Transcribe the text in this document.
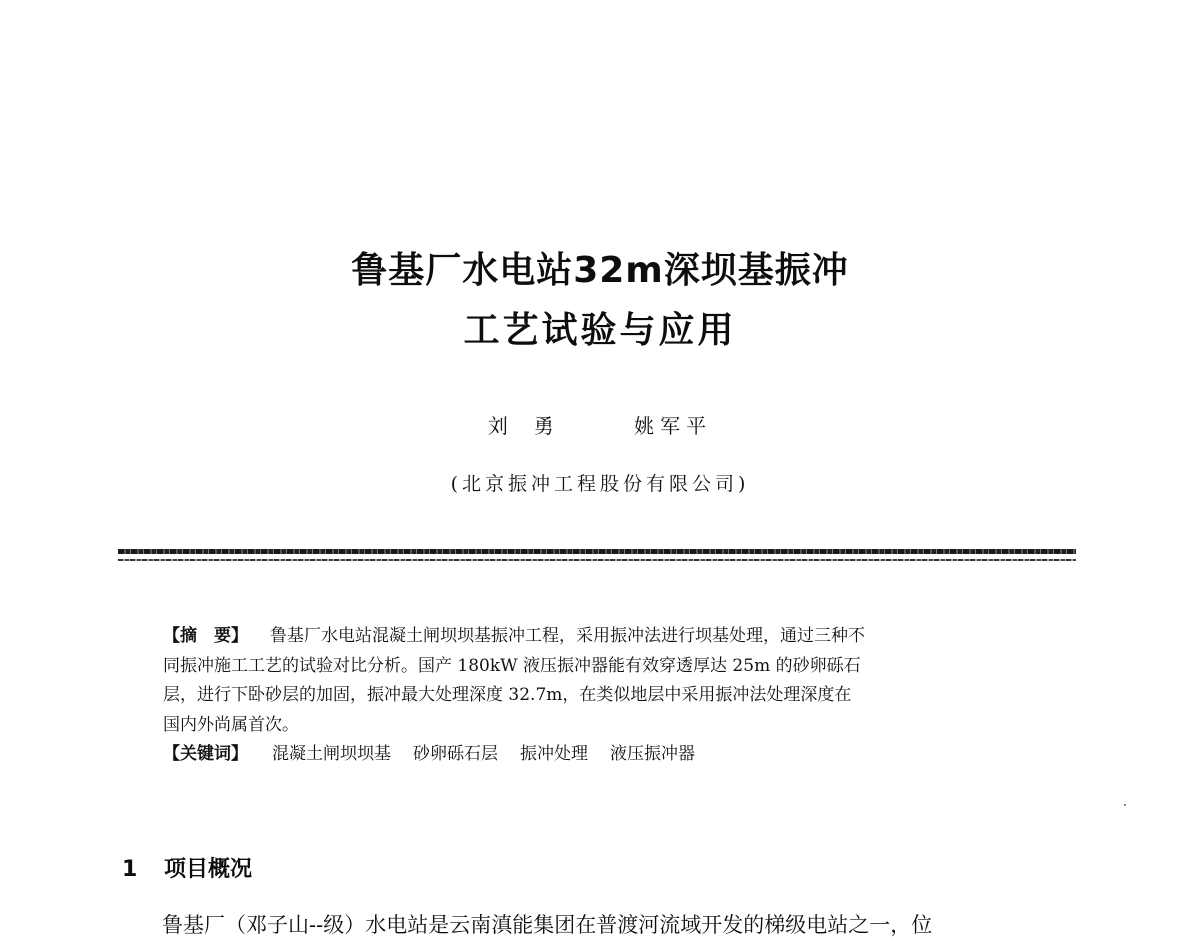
鲁基厂水电站32m深坝基振冲
工艺试验与应用
刘勇	姚军平
(北京振冲工程股份有限公司)
【摘　要】 鲁基厂水电站混凝土闸坝坝基振冲工程，采用振冲法进行坝基处理，通过三种不
同振冲施工工艺的试验对比分析。国产 180kW 液压振冲器能有效穿透厚达 25m 的砂卵砾石
层，进行下卧砂层的加固，振冲最大处理深度 32.7m，在类似地层中采用振冲法处理深度在
国内外尚属首次。
【关键词】 混凝土闸坝坝基 砂卵砾石层 振冲处理 液压振冲器
1 项目概况
鲁基厂（邓子山--级）水电站是云南滇能集团在普渡河流域开发的梯级电站之一，位
